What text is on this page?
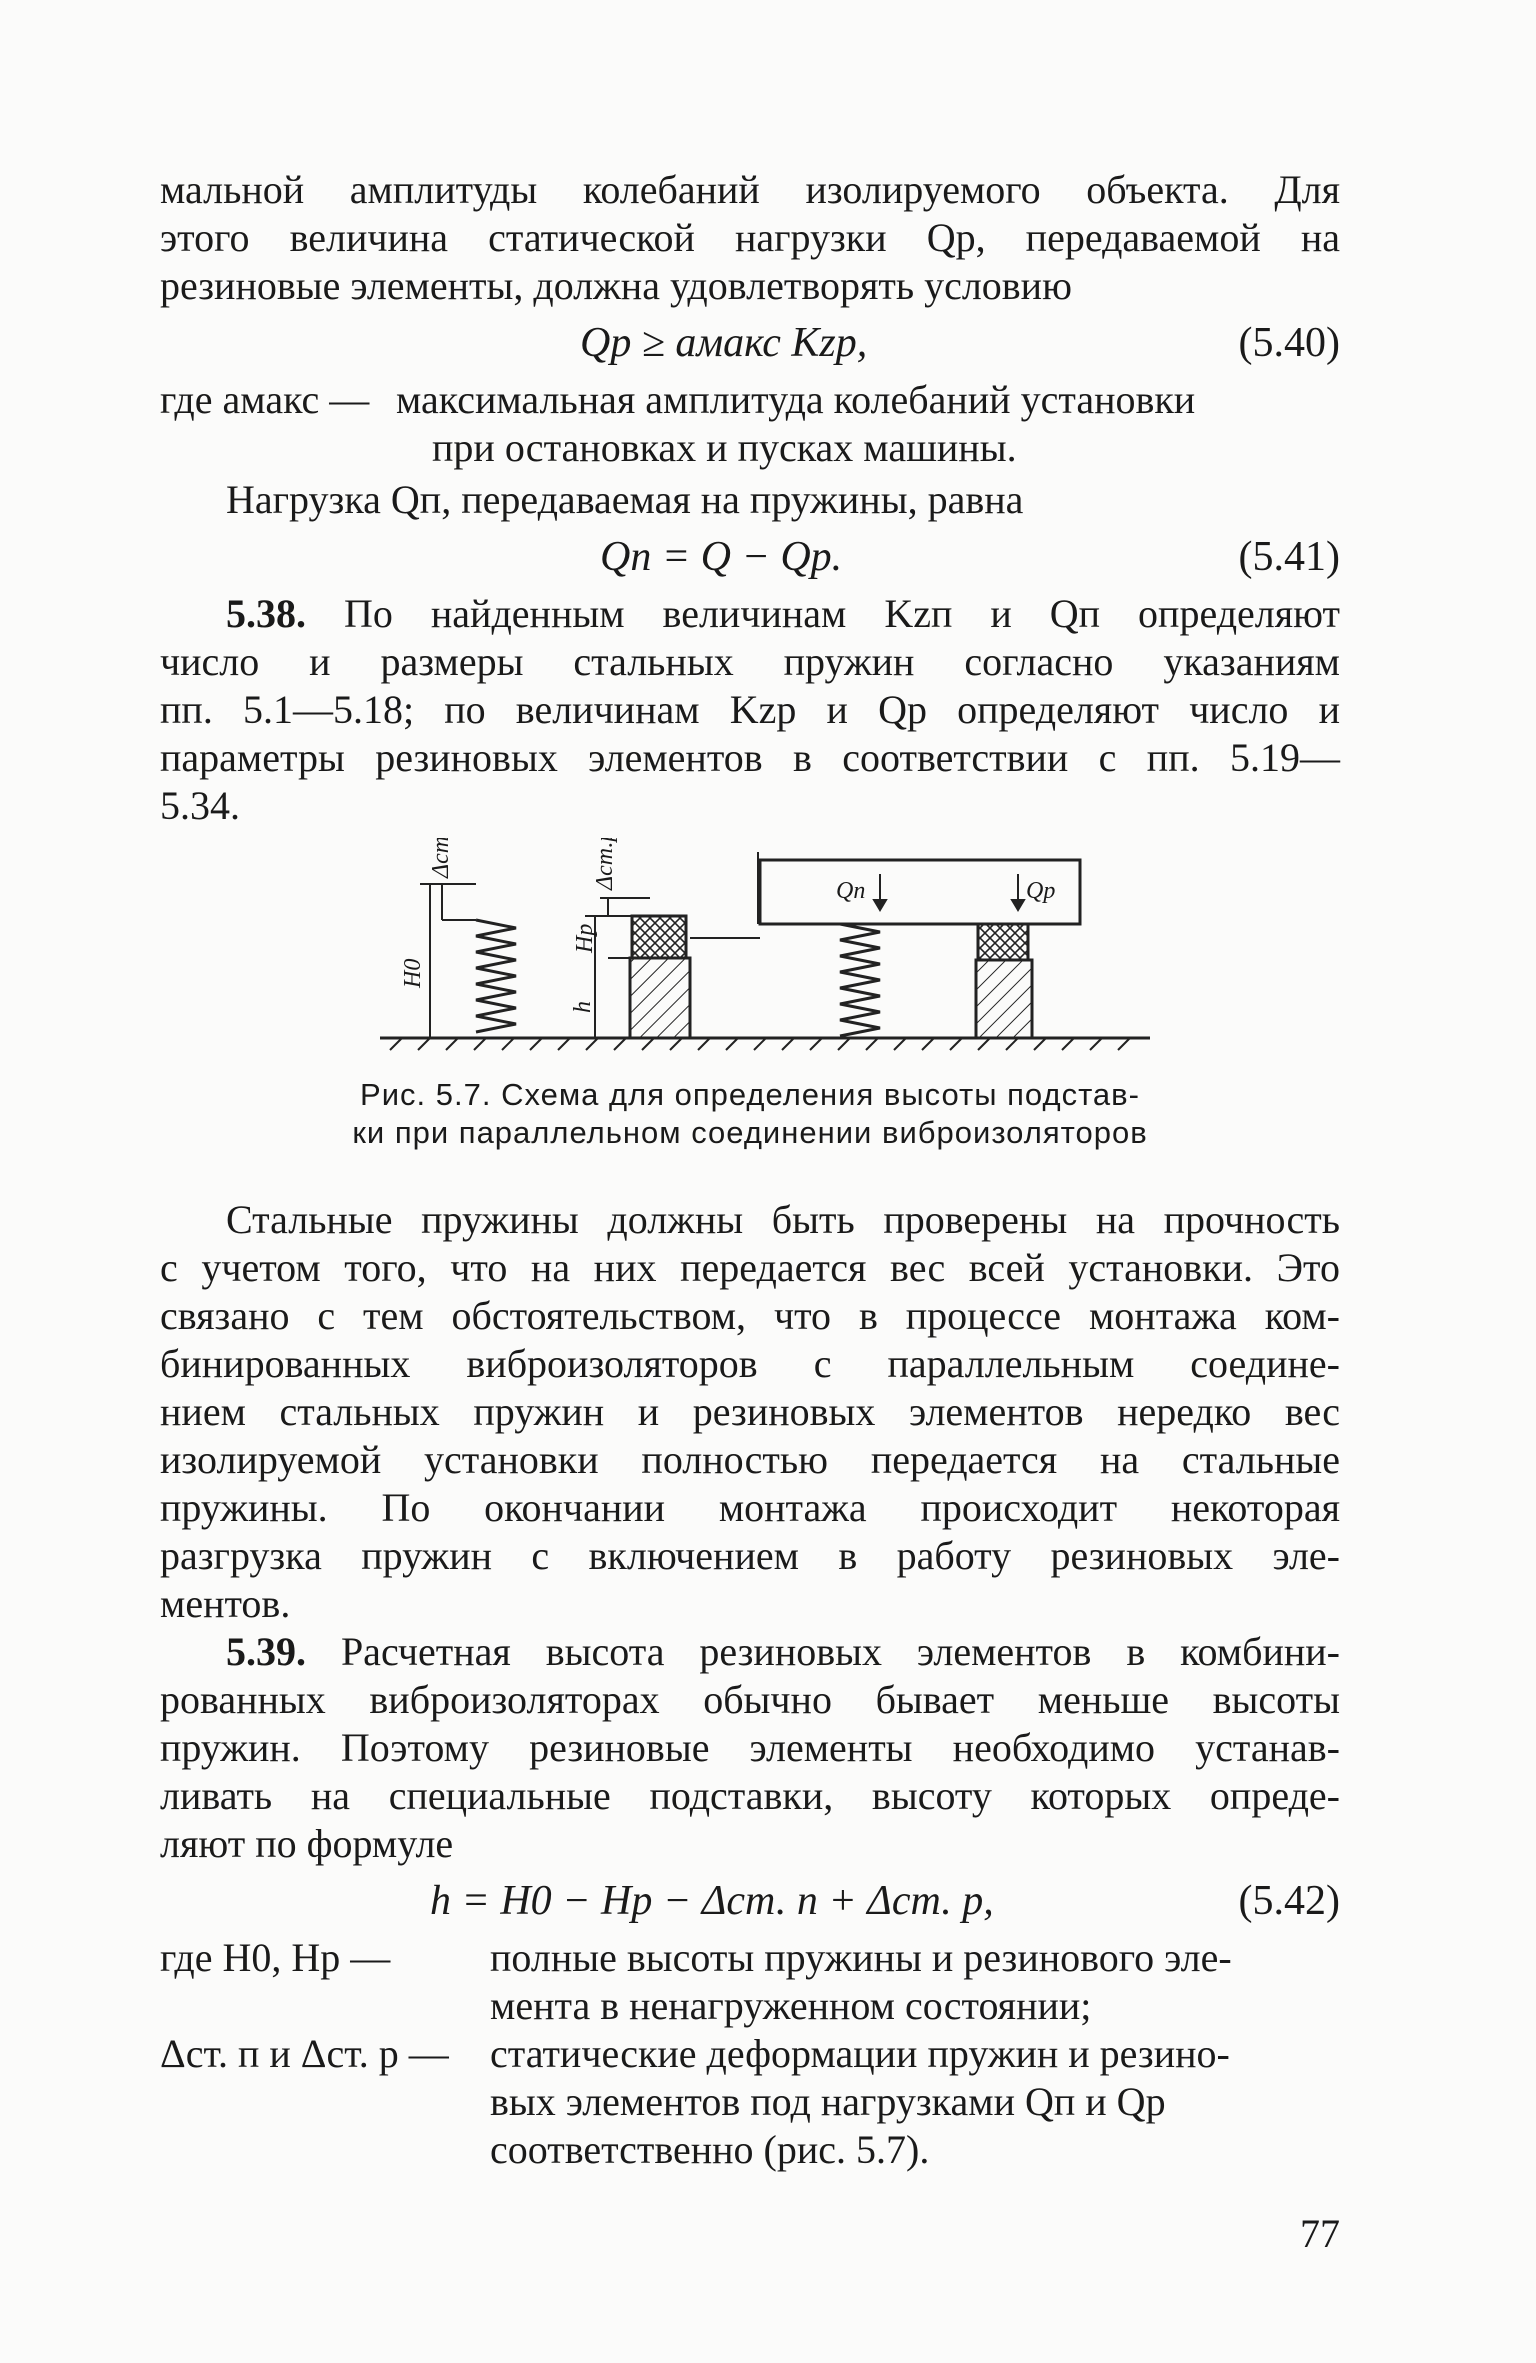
мальной амплитуды колебаний изолируемого объекта. Для

этого величина статической нагрузки Qр, передаваемой на

резиновые элементы, должна удовлетворять условию

Qр ≥ aмакс Kzp,	(5.40)
где aмакс — максимальная амплитуда колебаний установки
при остановках и пусках машины.

Нагрузка Qп, передаваемая на пружины, равна

Qп = Q − Qр.	(5.41)

5.38. По найденным величинам Kzп и Qп определяют

число и размеры стальных пружин согласно указаниям

пп. 5.1—5.18; по величинам Kzp и Qр определяют число и

параметры резиновых элементов в соответствии с пп. 5.19—

5.34.

Δст.п
H0
Δст.р
Hр
h
Qп	Qр
Рис. 5.7. Схема для определения высоты подстав-
ки при параллельном соединении виброизоляторов

Стальные пружины должны быть проверены на прочность

с учетом того, что на них передается вес всей установки. Это

связано с тем обстоятельством, что в процессе монтажа ком-

бинированных виброизоляторов с параллельным соедине-

нием стальных пружин и резиновых элементов нередко вес

изолируемой установки полностью передается на стальные

пружины. По окончании монтажа происходит некоторая

разгрузка пружин с включением в работу резиновых эле-

ментов.

5.39. Расчетная высота резиновых элементов в комбини-

рованных виброизоляторах обычно бывает меньше высоты

пружин. Поэтому резиновые элементы необходимо устанав-

ливать на специальные подставки, высоту которых опреде-

ляют по формуле

h = H0 − Hр − Δст. п + Δст. р,	(5.42)
где H0, Hр — полные высоты пружины и резинового эле-
мента в ненагруженном состоянии;
Δст. п и Δст. р — статические деформации пружин и резино-
вых элементов под нагрузками Qп и Qр
соответственно (рис. 5.7).
77
